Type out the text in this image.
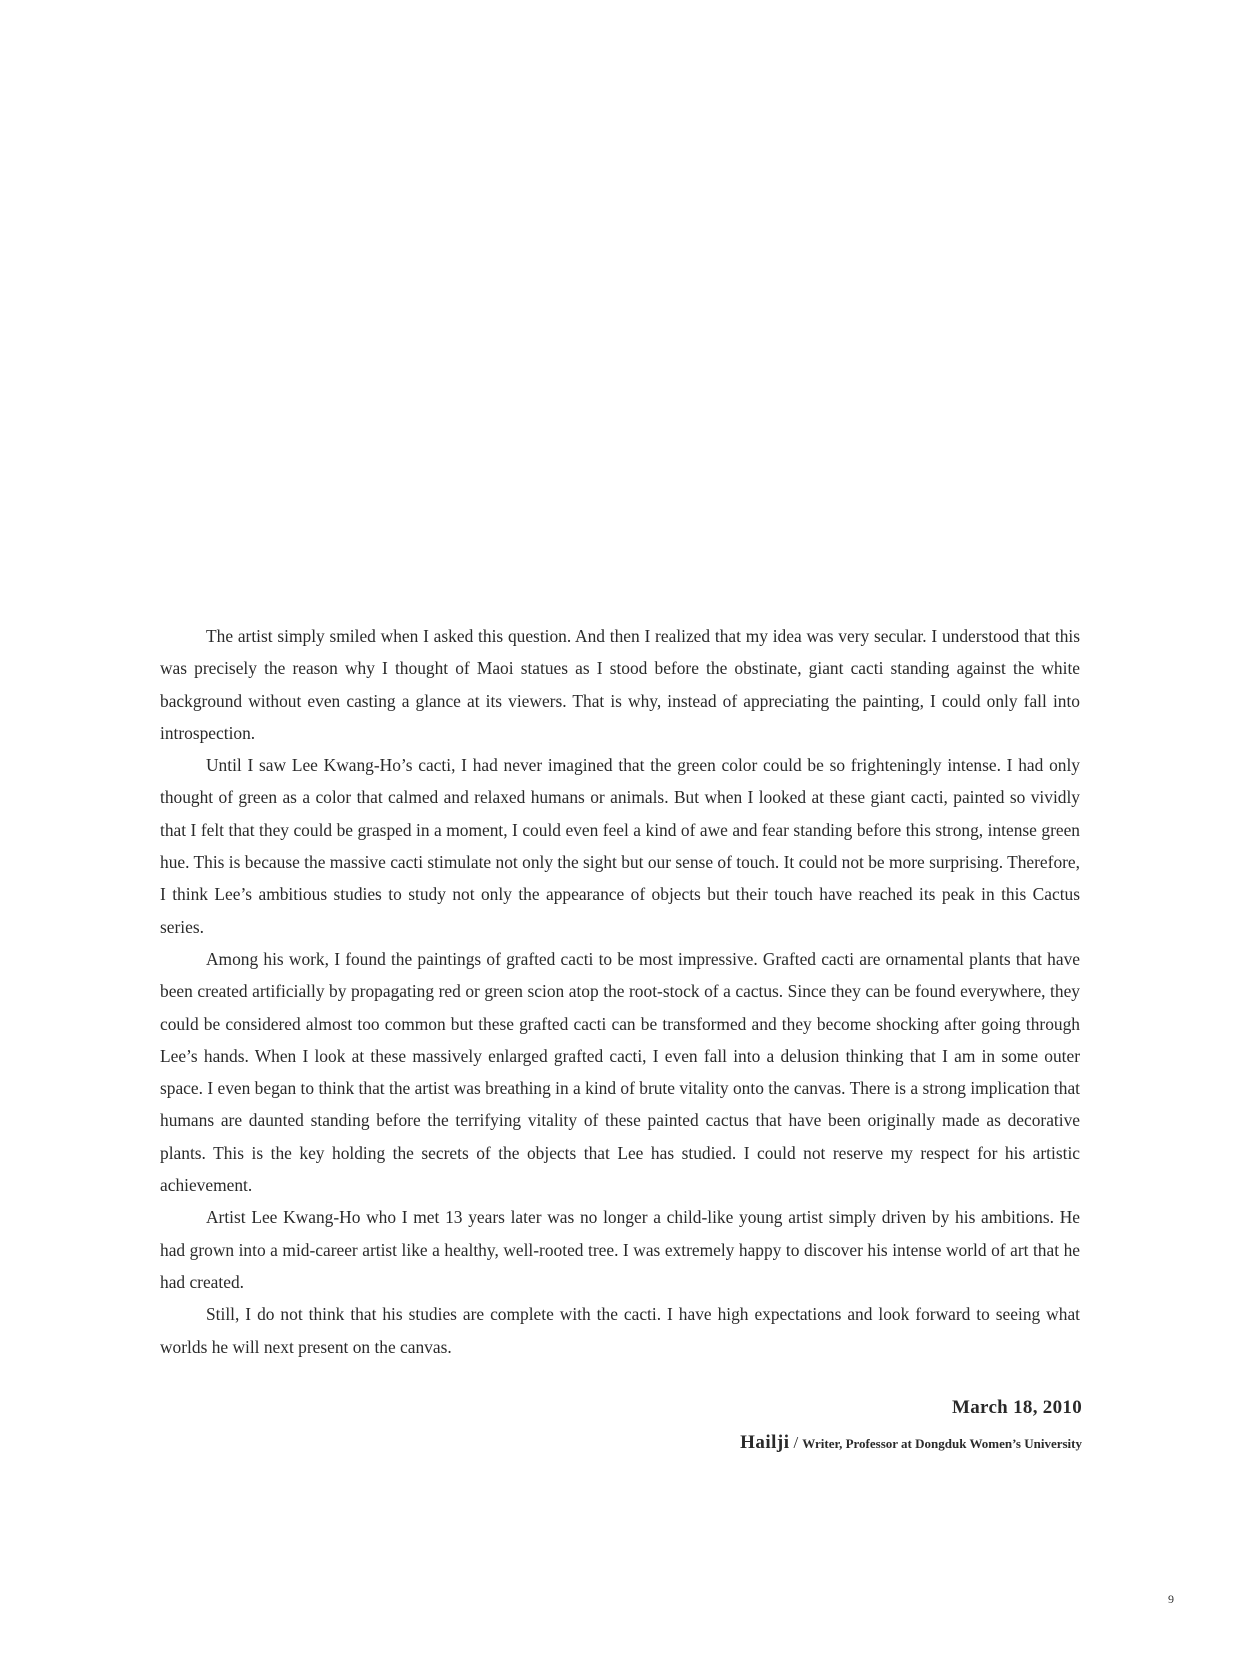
The artist simply smiled when I asked this question. And then I realized that my idea was very secular. I understood that this was precisely the reason why I thought of Maoi statues as I stood before the obstinate, giant cacti standing against the white background without even casting a glance at its viewers. That is why, instead of appreciating the painting, I could only fall into introspection.

Until I saw Lee Kwang-Ho’s cacti, I had never imagined that the green color could be so frighteningly intense. I had only thought of green as a color that calmed and relaxed humans or animals. But when I looked at these giant cacti, painted so vividly that I felt that they could be grasped in a moment, I could even feel a kind of awe and fear standing before this strong, intense green hue. This is because the massive cacti stimulate not only the sight but our sense of touch. It could not be more surprising. Therefore, I think Lee’s ambitious studies to study not only the appearance of objects but their touch have reached its peak in this Cactus series.

Among his work, I found the paintings of grafted cacti to be most impressive. Grafted cacti are ornamental plants that have been created artificially by propagating red or green scion atop the root-stock of a cactus. Since they can be found everywhere, they could be considered almost too common but these grafted cacti can be transformed and they become shocking after going through Lee’s hands. When I look at these massively enlarged grafted cacti, I even fall into a delusion thinking that I am in some outer space. I even began to think that the artist was breathing in a kind of brute vitality onto the canvas. There is a strong implication that humans are daunted standing before the terrifying vitality of these painted cactus that have been originally made as decorative plants. This is the key holding the secrets of the objects that Lee has studied. I could not reserve my respect for his artistic achievement.

Artist Lee Kwang-Ho who I met 13 years later was no longer a child-like young artist simply driven by his ambitions. He had grown into a mid-career artist like a healthy, well-rooted tree. I was extremely happy to discover his intense world of art that he had created.

Still, I do not think that his studies are complete with the cacti. I have high expectations and look forward to seeing what worlds he will next present on the canvas.

March 18, 2010
Hailji / Writer, Professor at Dongduk Women’s University
9
